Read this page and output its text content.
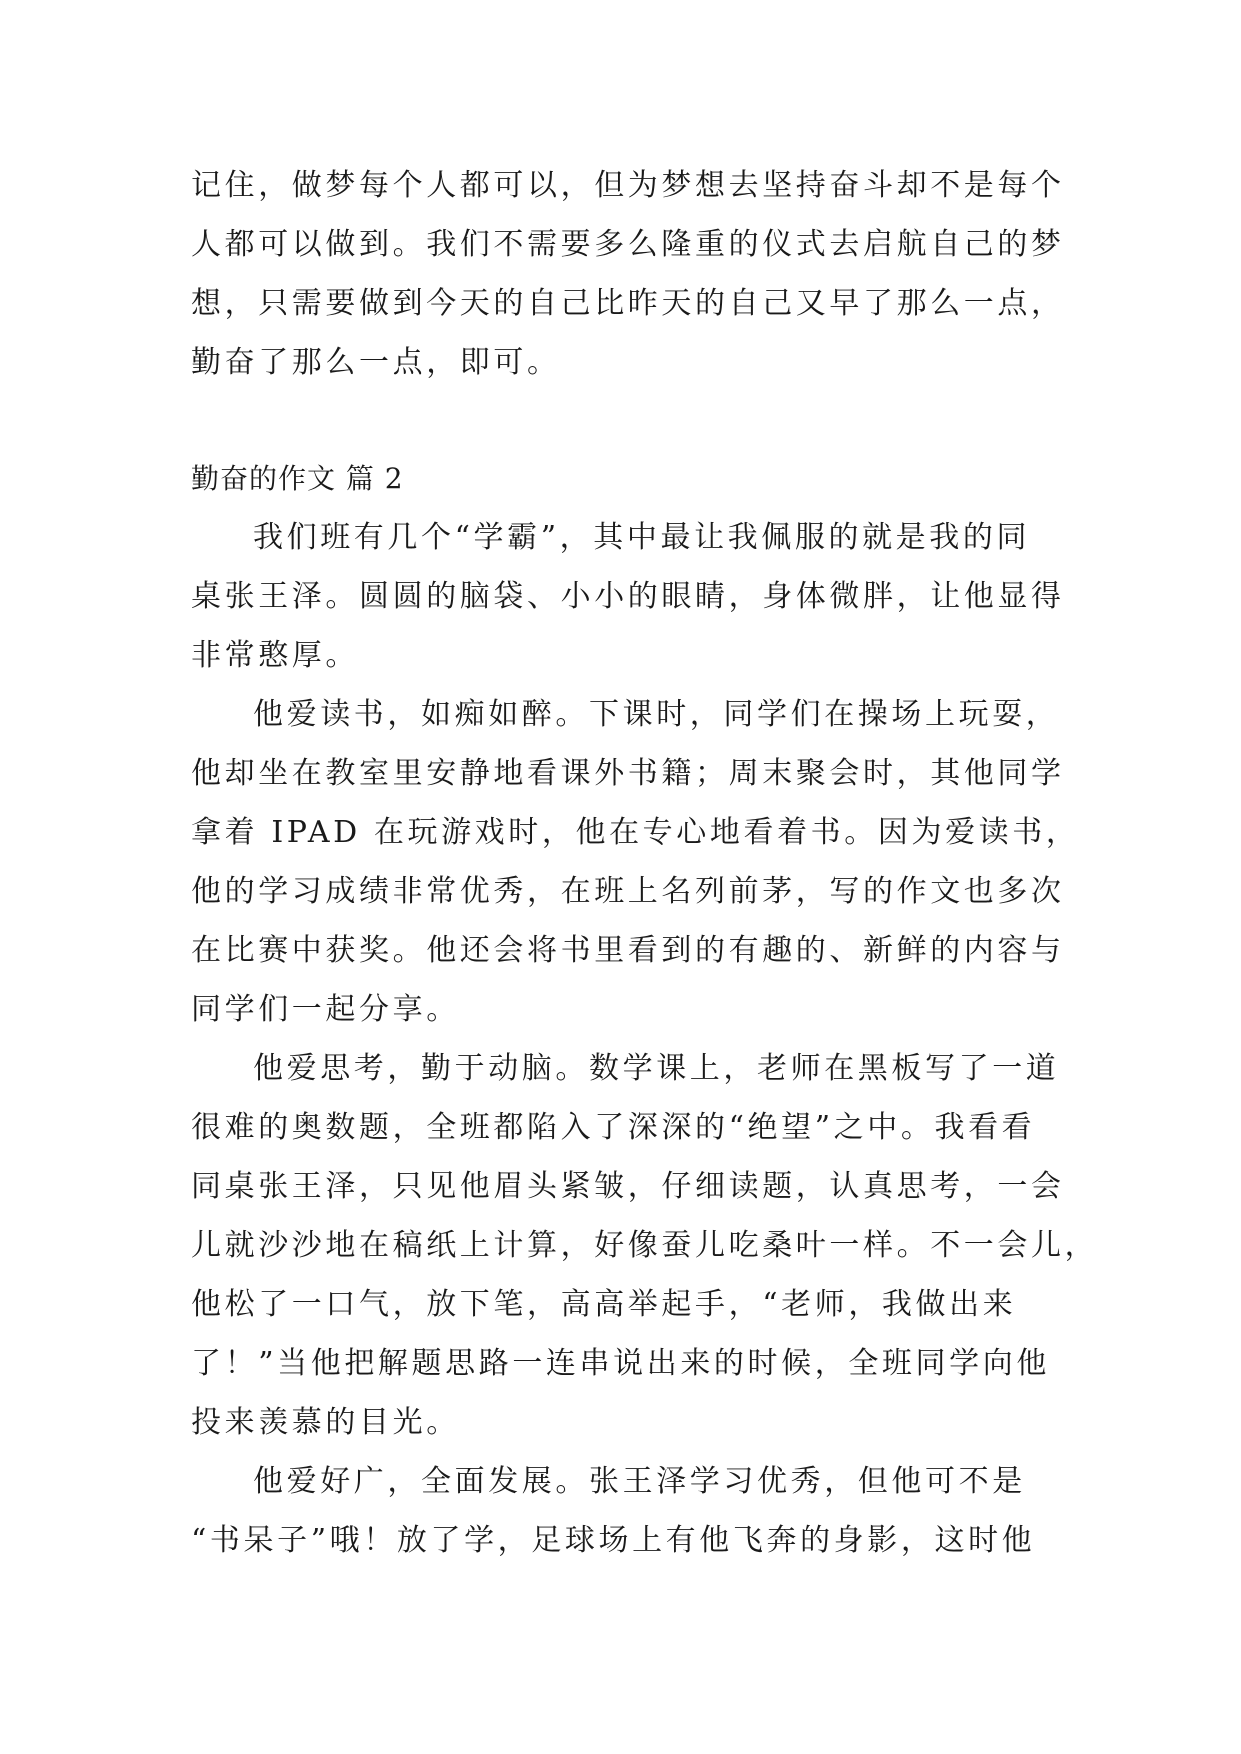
记住，做梦每个人都可以，但为梦想去坚持奋斗却不是每个
人都可以做到。我们不需要多么隆重的仪式去启航自己的梦
想，只需要做到今天的自己比昨天的自己又早了那么一点，
勤奋了那么一点，即可。
勤奋的作文 篇 2
我们班有几个“学霸”，其中最让我佩服的就是我的同
桌张王泽。圆圆的脑袋、小小的眼睛，身体微胖，让他显得
非常憨厚。
他爱读书，如痴如醉。下课时，同学们在操场上玩耍，
他却坐在教室里安静地看课外书籍；周末聚会时，其他同学
拿着 IPAD 在玩游戏时，他在专心地看着书。因为爱读书，
他的学习成绩非常优秀，在班上名列前茅，写的作文也多次
在比赛中获奖。他还会将书里看到的有趣的、新鲜的内容与
同学们一起分享。
他爱思考，勤于动脑。数学课上，老师在黑板写了一道
很难的奥数题，全班都陷入了深深的“绝望”之中。我看看
同桌张王泽，只见他眉头紧皱，仔细读题，认真思考，一会
儿就沙沙地在稿纸上计算，好像蚕儿吃桑叶一样。不一会儿，
他松了一口气，放下笔，高高举起手，“老师，我做出来
了！”当他把解题思路一连串说出来的时候，全班同学向他
投来羡慕的目光。
他爱好广，全面发展。张王泽学习优秀，但他可不是
“书呆子”哦！放了学，足球场上有他飞奔的身影，这时他
